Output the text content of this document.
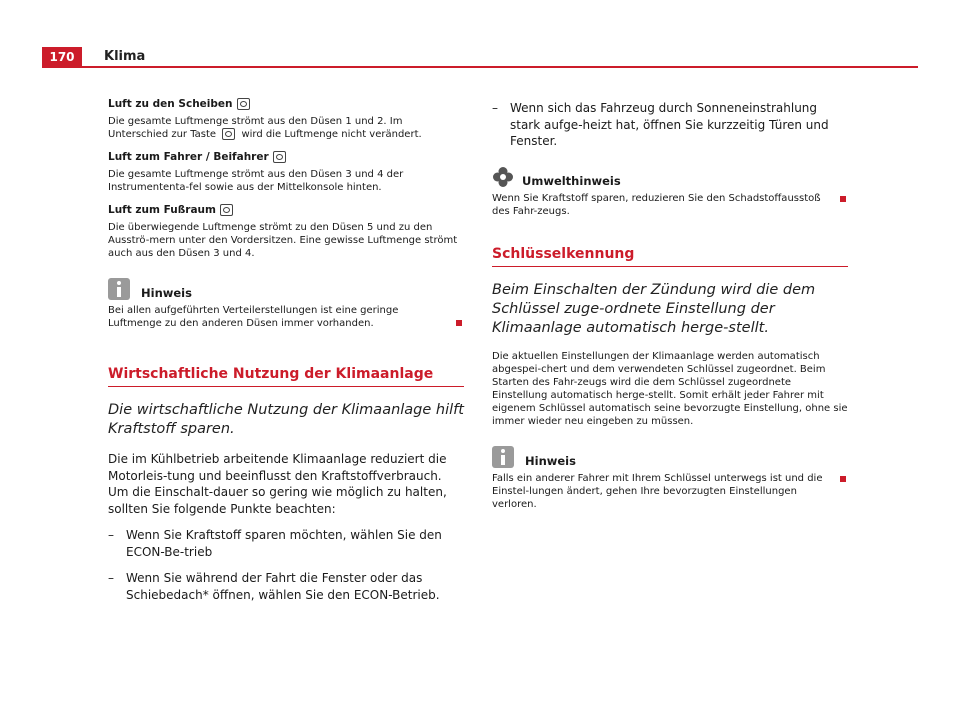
170	Klima
Luft zu den Scheiben

Die gesamte Luftmenge strömt aus den Düsen 1 und 2. Im Unterschied zur Taste	wird die Luftmenge nicht verändert.

Luft zum Fahrer / Beifahrer

Die gesamte Luftmenge strömt aus den Düsen 3 und 4 der Instrumententa-fel sowie aus der Mittelkonsole hinten.

Luft zum Fußraum

Die überwiegende Luftmenge strömt zu den Düsen 5 und zu den Ausströ-mern unter den Vordersitzen. Eine gewisse Luftmenge strömt auch aus den Düsen 3 und 4.

Hinweis

Bei allen aufgeführten Verteilerstellungen ist eine geringe Luftmenge zu den anderen Düsen immer vorhanden.

Wirtschaftliche Nutzung der Klimaanlage

Die wirtschaftliche Nutzung der Klimaanlage hilft Kraftstoff sparen.

Die im Kühlbetrieb arbeitende Klimaanlage reduziert die Motorleis-tung und beeinflusst den Kraftstoffverbrauch. Um die Einschalt-dauer so gering wie möglich zu halten, sollten Sie folgende Punkte beachten:

–	Wenn Sie Kraftstoff sparen möchten, wählen Sie den ECON-Be-trieb
–	Wenn Sie während der Fahrt die Fenster oder das Schiebedach* öffnen, wählen Sie den ECON-Betrieb.
–	Wenn sich das Fahrzeug durch Sonneneinstrahlung stark aufge-heizt hat, öffnen Sie kurzzeitig Türen und Fenster.
Umwelthinweis

Wenn Sie Kraftstoff sparen, reduzieren Sie den Schadstoffausstoß des Fahr-zeugs.

Schlüsselkennung

Beim Einschalten der Zündung wird die dem Schlüssel zuge-ordnete Einstellung der Klimaanlage automatisch herge-stellt.

Die aktuellen Einstellungen der Klimaanlage werden automatisch abgespei-chert und dem verwendeten Schlüssel zugeordnet. Beim Starten des Fahr-zeugs wird die dem Schlüssel zugeordnete Einstellung automatisch herge-stellt. Somit erhält jeder Fahrer mit eigenem Schlüssel automatisch seine bevorzugte Einstellung, ohne sie immer wieder neu eingeben zu müssen.

Hinweis

Falls ein anderer Fahrer mit Ihrem Schlüssel unterwegs ist und die Einstel-lungen ändert, gehen Ihre bevorzugten Einstellungen verloren.
